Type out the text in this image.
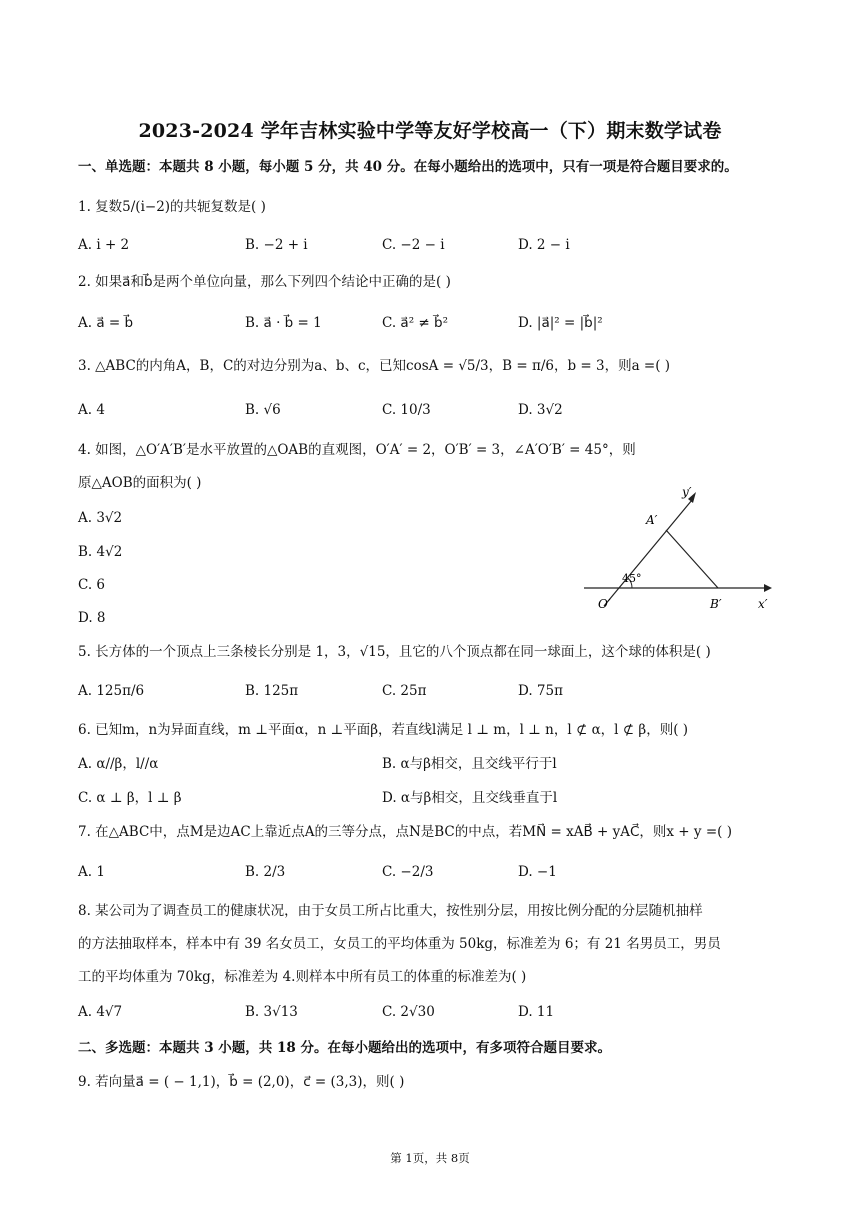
2023-2024 学年吉林实验中学等友好学校高一（下）期末数学试卷
一、单选题：本题共 8 小题，每小题 5 分，共 40 分。在每小题给出的选项中，只有一项是符合题目要求的。
1. 复数5/(i−2)的共轭复数是( )
A. i + 2	B. −2 + i	C. −2 − i	D. 2 − i
2. 如果a⃗和b⃗是两个单位向量，那么下列四个结论中正确的是( )
A. a⃗ = b⃗	B. a⃗ · b⃗ = 1	C. a⃗² ≠ b⃗²	D. |a⃗|² = |b⃗|²
3. △ABC的内角A，B，C的对边分别为a、b、c，已知cosA = √5/3，B = π/6，b = 3，则a =( )
A. 4	B. √6	C. 10/3	D. 3√2
4. 如图，△O′A′B′是水平放置的△OAB的直观图，O′A′ = 2，O′B′ = 3，∠A′O′B′ = 45°，则
原△AOB的面积为( )
A. 3√2
B. 4√2
C. 6
D. 8
y′
x′
O′
A′
B′
45°
5. 长方体的一个顶点上三条棱长分别是 1，3，√15，且它的八个顶点都在同一球面上，这个球的体积是( )
A. 125π/6	B. 125π	C. 25π	D. 75π
6. 已知m，n为异面直线，m ⊥平面α，n ⊥平面β，若直线l满足 l ⊥ m，l ⊥ n，l ⊄ α，l ⊄ β，则( )
A. α//β，l//α	B. α与β相交，且交线平行于l
C. α ⊥ β，l ⊥ β	D. α与β相交，且交线垂直于l
7. 在△ABC中，点M是边AC上靠近点A的三等分点，点N是BC的中点，若MN⃗ = xAB⃗ + yAC⃗，则x + y =( )
A. 1	B. 2/3	C. −2/3	D. −1
8. 某公司为了调查员工的健康状况，由于女员工所占比重大，按性别分层，用按比例分配的分层随机抽样
的方法抽取样本，样本中有 39 名女员工，女员工的平均体重为 50kg，标准差为 6；有 21 名男员工，男员
工的平均体重为 70kg，标准差为 4.则样本中所有员工的体重的标准差为( )
A. 4√7	B. 3√13	C. 2√30	D. 11
二、多选题：本题共 3 小题，共 18 分。在每小题给出的选项中，有多项符合题目要求。
9. 若向量a⃗ = ( − 1,1)，b⃗ = (2,0)，c⃗ = (3,3)，则( )
第 1页，共 8页
